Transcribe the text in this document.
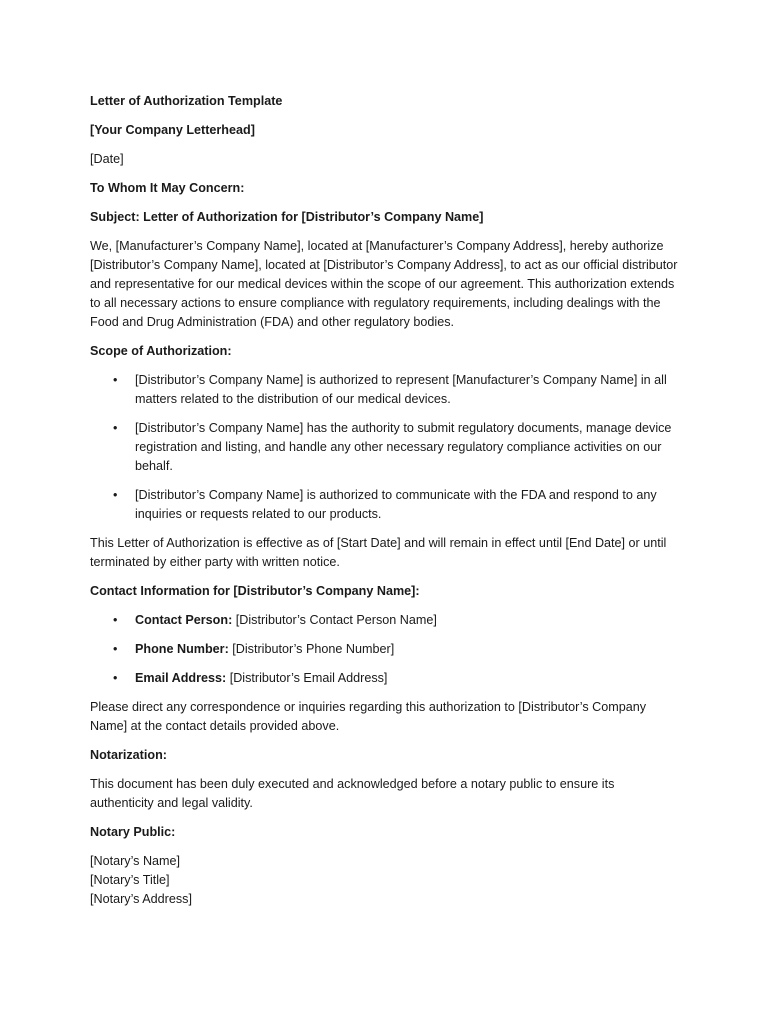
Letter of Authorization Template

[Your Company Letterhead]

[Date]

To Whom It May Concern:

Subject: Letter of Authorization for [Distributor’s Company Name]

We, [Manufacturer’s Company Name], located at [Manufacturer’s Company Address], hereby authorize [Distributor’s Company Name], located at [Distributor’s Company Address], to act as our official distributor and representative for our medical devices within the scope of our agreement. This authorization extends to all necessary actions to ensure compliance with regulatory requirements, including dealings with the Food and Drug Administration (FDA) and other regulatory bodies.

Scope of Authorization:

• [Distributor’s Company Name] is authorized to represent [Manufacturer’s Company Name] in all matters related to the distribution of our medical devices.
• [Distributor’s Company Name] has the authority to submit regulatory documents, manage device registration and listing, and handle any other necessary regulatory compliance activities on our behalf.
• [Distributor’s Company Name] is authorized to communicate with the FDA and respond to any inquiries or requests related to our products.

This Letter of Authorization is effective as of [Start Date] and will remain in effect until [End Date] or until terminated by either party with written notice.

Contact Information for [Distributor’s Company Name]:

• Contact Person: [Distributor’s Contact Person Name]
• Phone Number: [Distributor’s Phone Number]
• Email Address: [Distributor’s Email Address]

Please direct any correspondence or inquiries regarding this authorization to [Distributor’s Company Name] at the contact details provided above.

Notarization:

This document has been duly executed and acknowledged before a notary public to ensure its authenticity and legal validity.

Notary Public:

[Notary’s Name]

[Notary’s Title]

[Notary’s Address]
